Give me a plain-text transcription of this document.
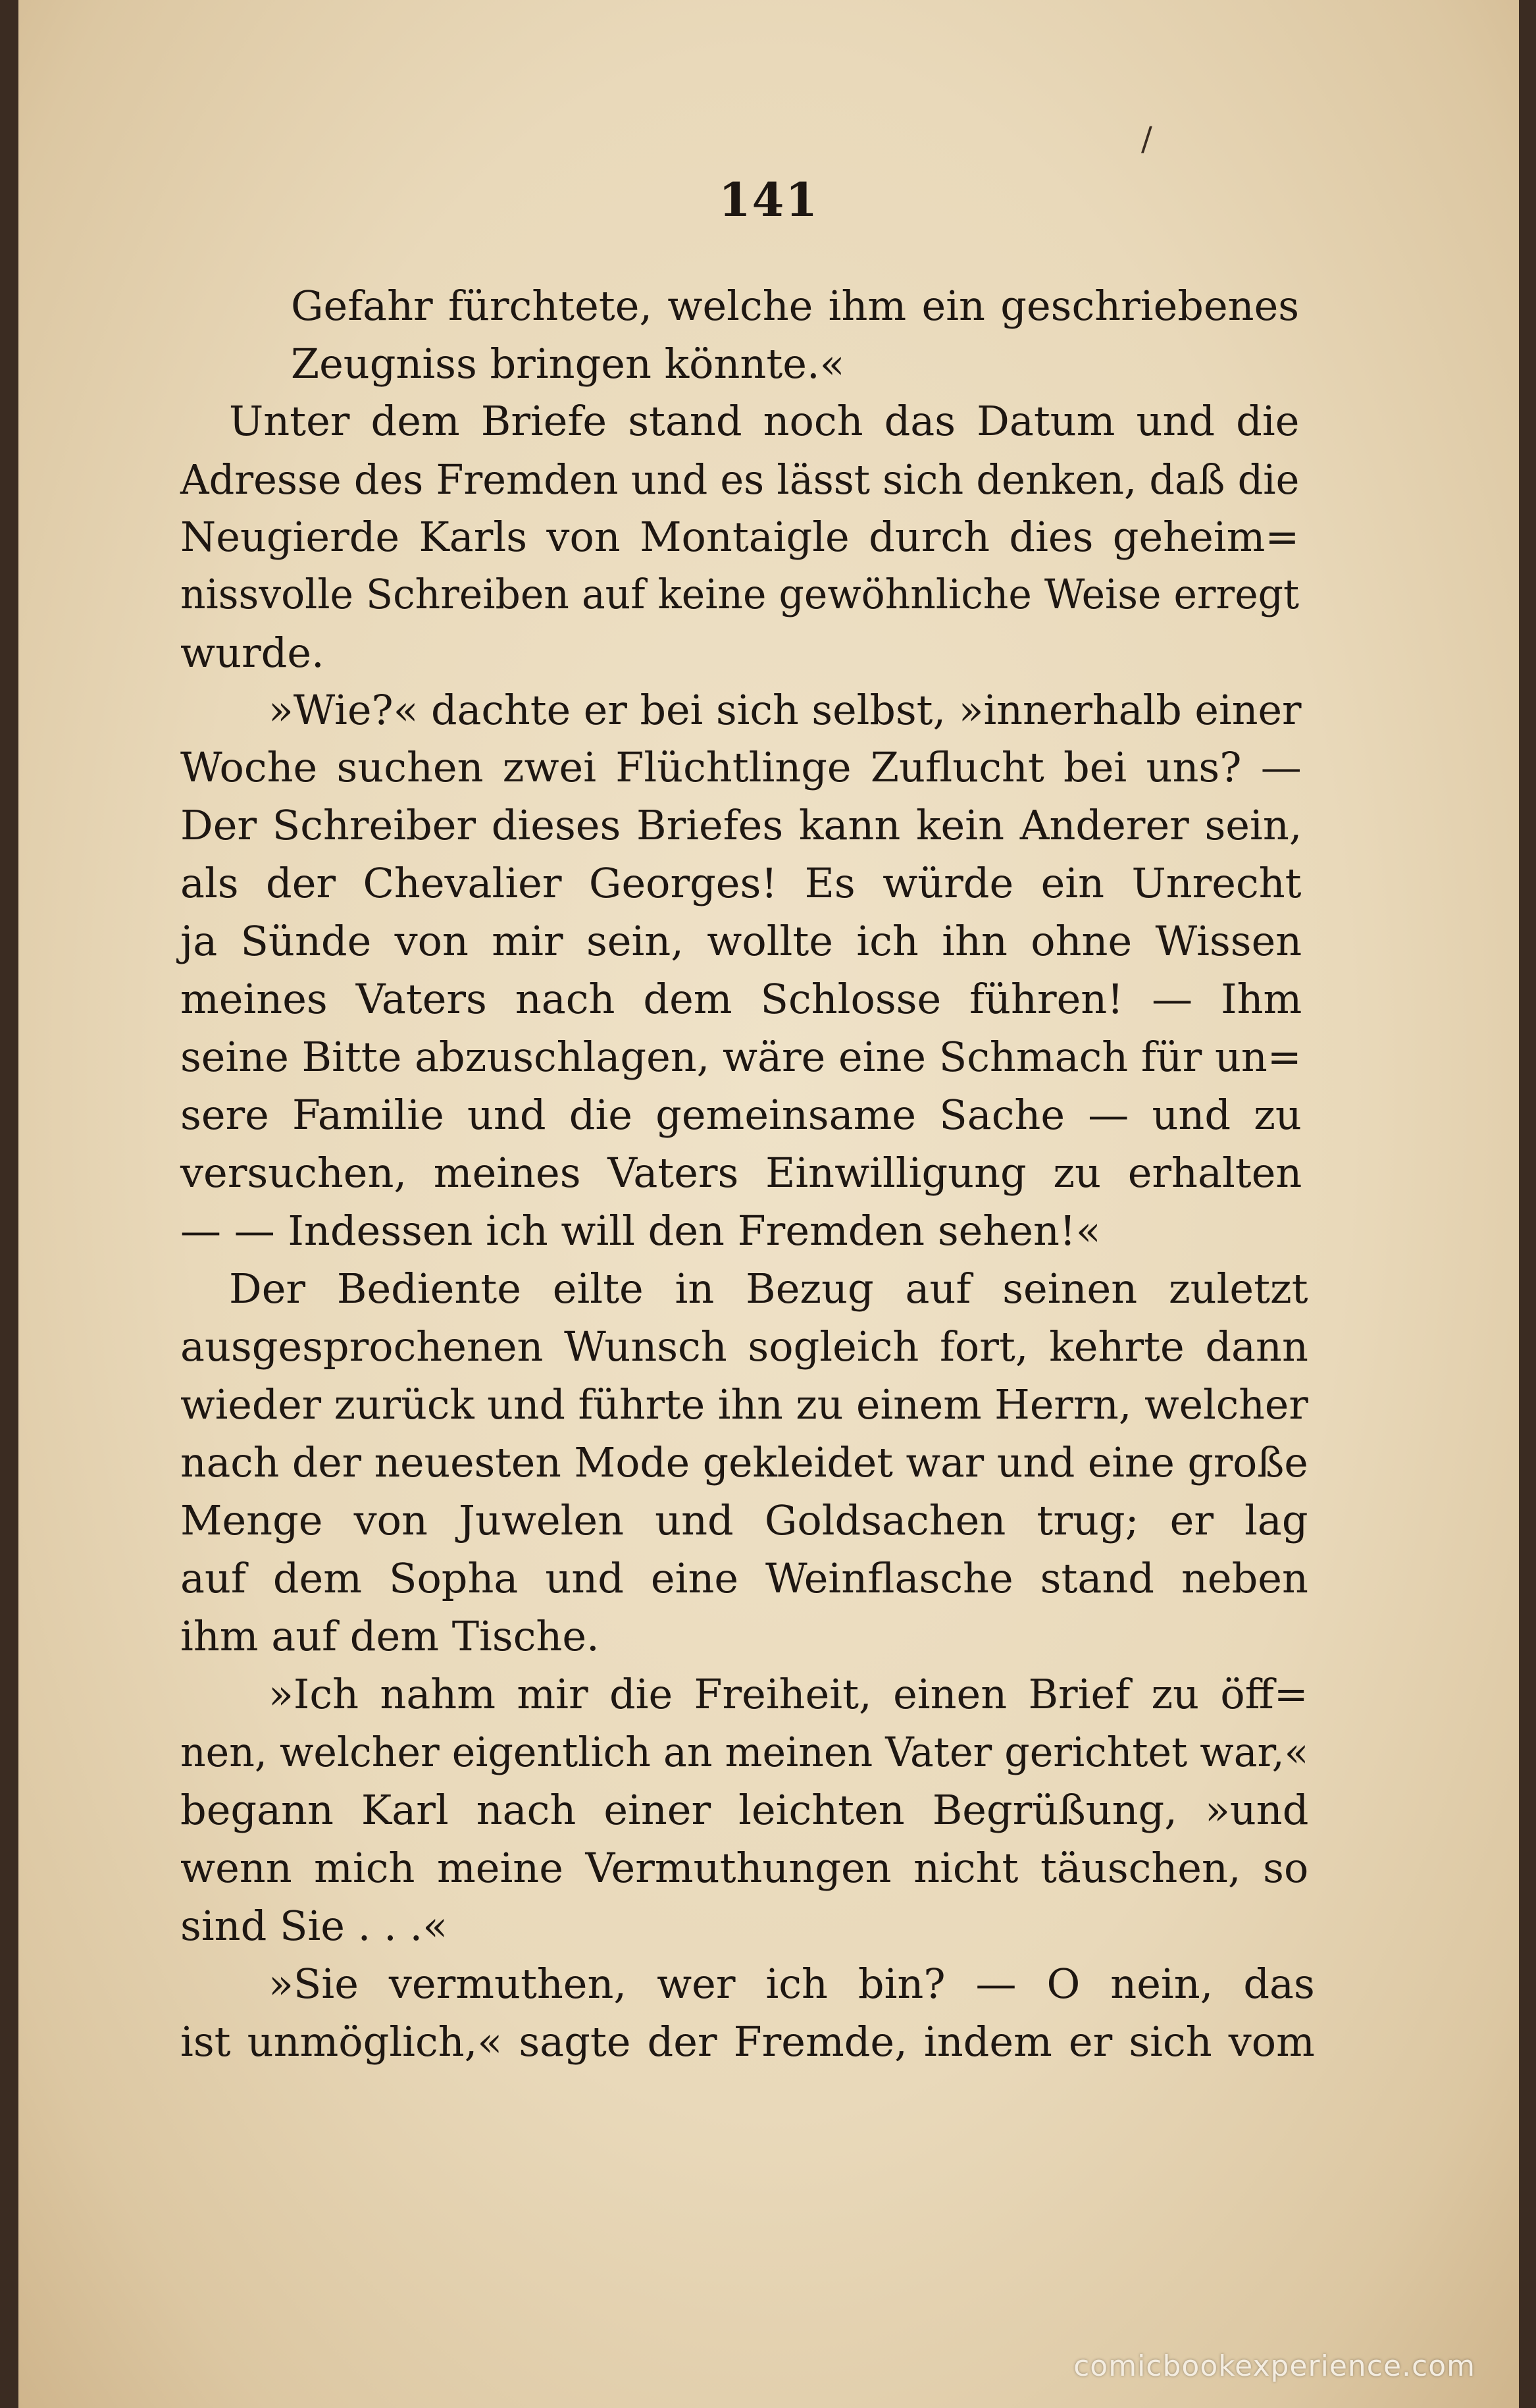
/
141
Gefahr fürchtete, welche ihm ein geschriebenes
Zeugniss bringen könnte.«
Unter dem Briefe stand noch das Datum und die
Adresse des Fremden und es lässt sich denken, daß die
Neugierde Karls von Montaigle durch dies geheim=
nissvolle Schreiben auf keine gewöhnliche Weise erregt
wurde.
»Wie?« dachte er bei sich selbst, »innerhalb einer
Woche suchen zwei Flüchtlinge Zuflucht bei uns? —
Der Schreiber dieses Briefes kann kein Anderer sein,
als der Chevalier Georges! Es würde ein Unrecht
ja Sünde von mir sein, wollte ich ihn ohne Wissen
meines Vaters nach dem Schlosse führen! — Ihm
seine Bitte abzuschlagen, wäre eine Schmach für un=
sere Familie und die gemeinsame Sache — und zu
versuchen, meines Vaters Einwilligung zu erhalten
— — Indessen ich will den Fremden sehen!«
Der Bediente eilte in Bezug auf seinen zuletzt
ausgesprochenen Wunsch sogleich fort, kehrte dann
wieder zurück und führte ihn zu einem Herrn, welcher
nach der neuesten Mode gekleidet war und eine große
Menge von Juwelen und Goldsachen trug; er lag
auf dem Sopha und eine Weinflasche stand neben
ihm auf dem Tische.
»Ich nahm mir die Freiheit, einen Brief zu öff=
nen, welcher eigentlich an meinen Vater gerichtet war,«
begann Karl nach einer leichten Begrüßung, »und
wenn mich meine Vermuthungen nicht täuschen, so
sind Sie . . .«
»Sie vermuthen, wer ich bin? — O nein, das
ist unmöglich,« sagte der Fremde, indem er sich vom
comicbookexperience.com
